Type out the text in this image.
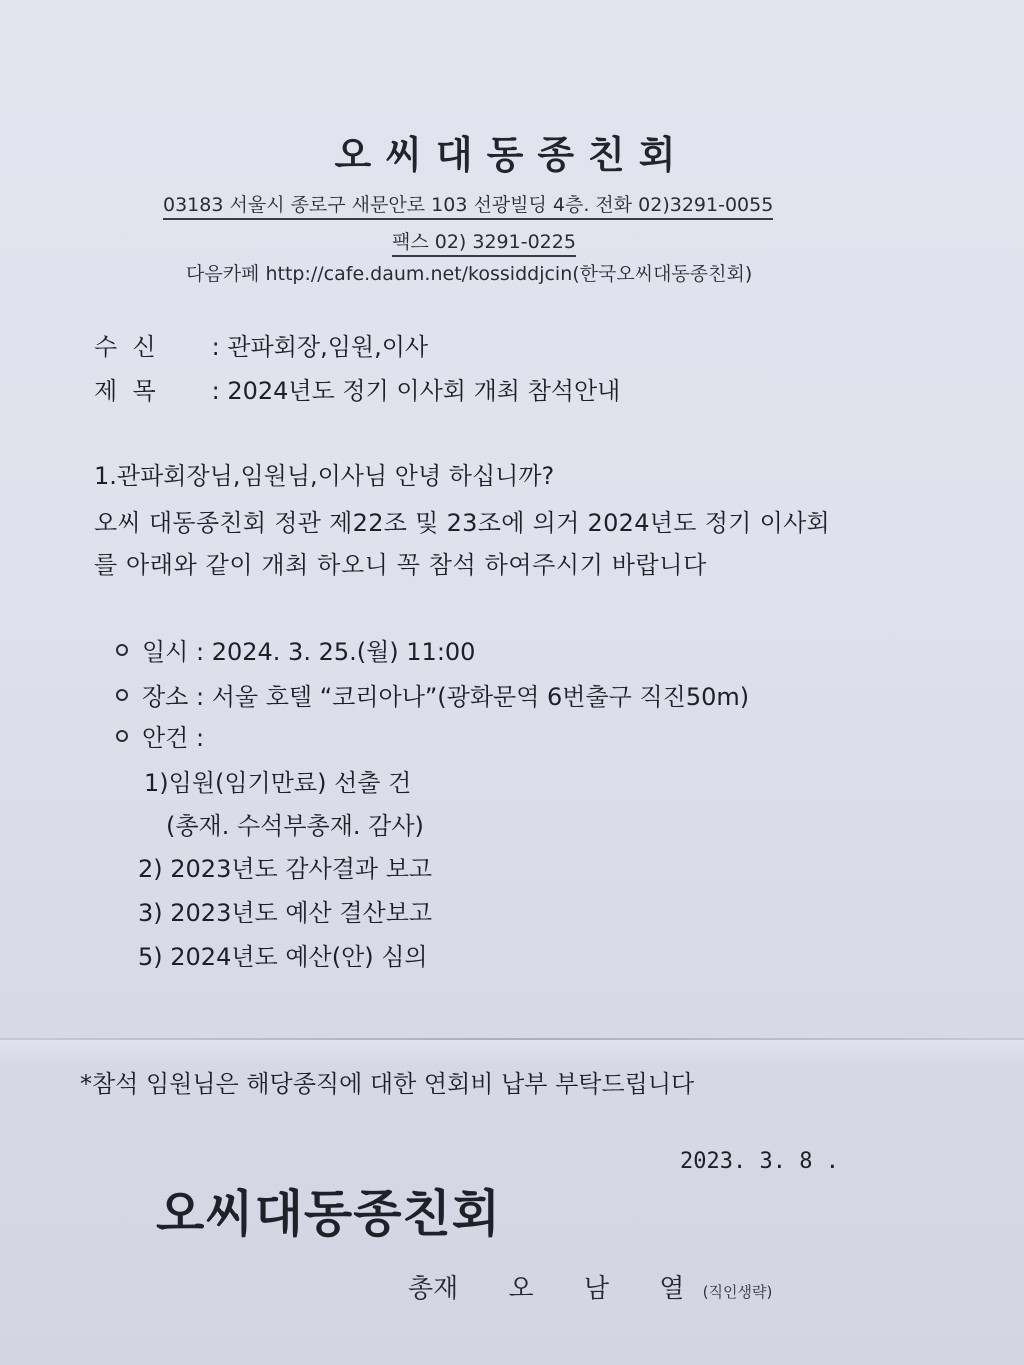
오씨대동종친회
03183 서울시 종로구 새문안로 103 선광빌딩 4층. 전화 02)3291-0055
팩스 02) 3291-0225
다음카페 http://cafe.daum.net/kossiddjcin(한국오씨대동종친회)
수  신 : 관파회장,임원,이사
제  목 : 2024년도 정기 이사회 개최 참석안내
1.관파회장님,임원님,이사님 안녕 하십니까?
오씨 대동종친회 정관 제22조 및 23조에 의거 2024년도 정기 이사회
를 아래와 같이 개최 하오니 꼭 참석 하여주시기 바랍니다
일시 : 2024. 3. 25.(월) 11:00
장소 : 서울 호텔 “코리아나”(광화문역 6번출구 직진50m)
안건 :
1)임원(임기만료) 선출 건
(총재. 수석부총재. 감사)
2) 2023년도 감사결과 보고
3) 2023년도 예산 결산보고
5) 2024년도 예산(안) 심의
*참석 임원님은 해당종직에 대한 연회비 납부 부탁드립니다
2023. 3. 8 .
오씨대동종친회
총재 오 남 열 (직인생략)
